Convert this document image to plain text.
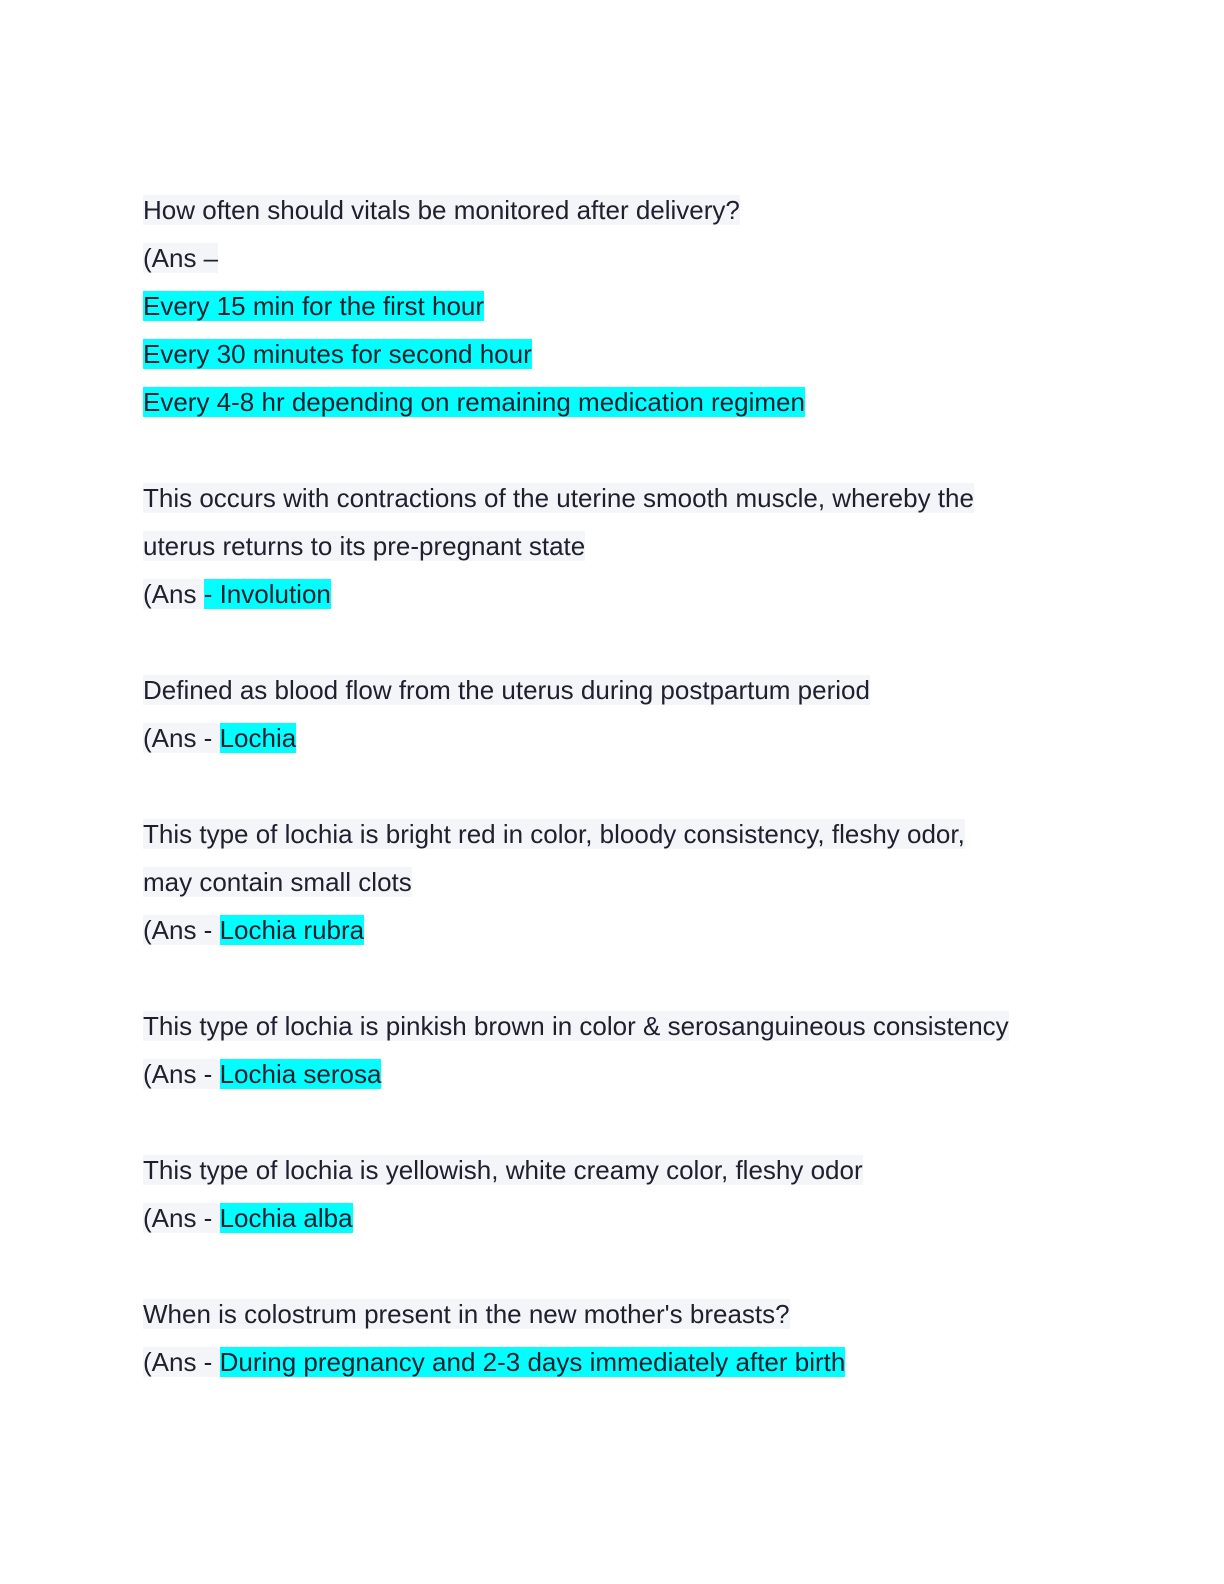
How often should vitals be monitored after delivery?
(Ans –
Every 15 min for the first hour
Every 30 minutes for second hour
Every 4-8 hr depending on remaining medication regimen
This occurs with contractions of the uterine smooth muscle, whereby the
uterus returns to its pre-pregnant state
(Ans - Involution
Defined as blood flow from the uterus during postpartum period
(Ans - Lochia
This type of lochia is bright red in color, bloody consistency, fleshy odor,
may contain small clots
(Ans - Lochia rubra
This type of lochia is pinkish brown in color & serosanguineous consistency
(Ans - Lochia serosa
This type of lochia is yellowish, white creamy color, fleshy odor
(Ans - Lochia alba
When is colostrum present in the new mother's breasts?
(Ans - During pregnancy and 2-3 days immediately after birth
